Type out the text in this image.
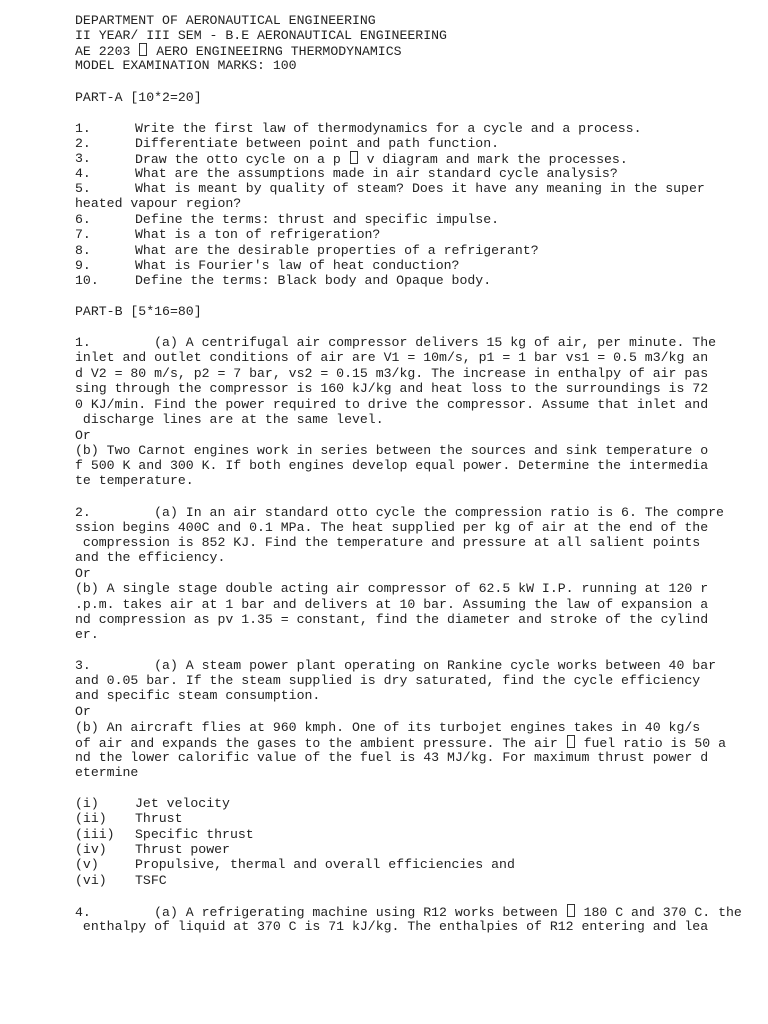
DEPARTMENT OF AERONAUTICAL ENGINEERING
II YEAR/ III SEM - B.E AERONAUTICAL ENGINEERING
AE 2203  AERO ENGINEEIRNG THERMODYNAMICS
MODEL EXAMINATION MARKS: 100
PART-A [10*2=20]
1.	Write the first law of thermodynamics for a cycle and a process.
2.	Differentiate between point and path function.
3.	Draw the otto cycle on a p  v diagram and mark the processes.
4.	What are the assumptions made in air standard cycle analysis?
5.	What is meant by quality of steam? Does it have any meaning in the super
heated vapour region?
6.	Define the terms: thrust and specific impulse.
7.	What is a ton of refrigeration?
8.	What are the desirable properties of a refrigerant?
9.	What is Fourier's law of heat conduction?
10.	Define the terms: Black body and Opaque body.
PART-B [5*16=80]
1.        (a) A centrifugal air compressor delivers 15 kg of air, per minute. The
inlet and outlet conditions of air are V1 = 10m/s, p1 = 1 bar vs1 = 0.5 m3/kg an
d V2 = 80 m/s, p2 = 7 bar, vs2 = 0.15 m3/kg. The increase in enthalpy of air pas
sing through the compressor is 160 kJ/kg and heat loss to the surroundings is 72
0 KJ/min. Find the power required to drive the compressor. Assume that inlet and
discharge lines are at the same level.
Or
(b) Two Carnot engines work in series between the sources and sink temperature o
f 500 K and 300 K. If both engines develop equal power. Determine the intermedia
te temperature.
2.        (a) In an air standard otto cycle the compression ratio is 6. The compre
ssion begins 400C and 0.1 MPa. The heat supplied per kg of air at the end of the
compression is 852 KJ. Find the temperature and pressure at all salient points
and the efficiency.
Or
(b) A single stage double acting air compressor of 62.5 kW I.P. running at 120 r
.p.m. takes air at 1 bar and delivers at 10 bar. Assuming the law of expansion a
nd compression as pv 1.35 = constant, find the diameter and stroke of the cylind
er.
3.        (a) A steam power plant operating on Rankine cycle works between 40 bar
and 0.05 bar. If the steam supplied is dry saturated, find the cycle efficiency
and specific steam consumption.
Or
(b) An aircraft flies at 960 kmph. One of its turbojet engines takes in 40 kg/s
of air and expands the gases to the ambient pressure. The air  fuel ratio is 50 a
nd the lower calorific value of the fuel is 43 MJ/kg. For maximum thrust power d
etermine
(i)	Jet velocity
(ii) Thrust
(iii) Specific thrust
(iv) Thrust power
(v)	Propulsive, thermal and overall efficiencies and
(vi) TSFC
4.        (a) A refrigerating machine using R12 works between  180 C and 370 C. the
enthalpy of liquid at 370 C is 71 kJ/kg. The enthalpies of R12 entering and lea
